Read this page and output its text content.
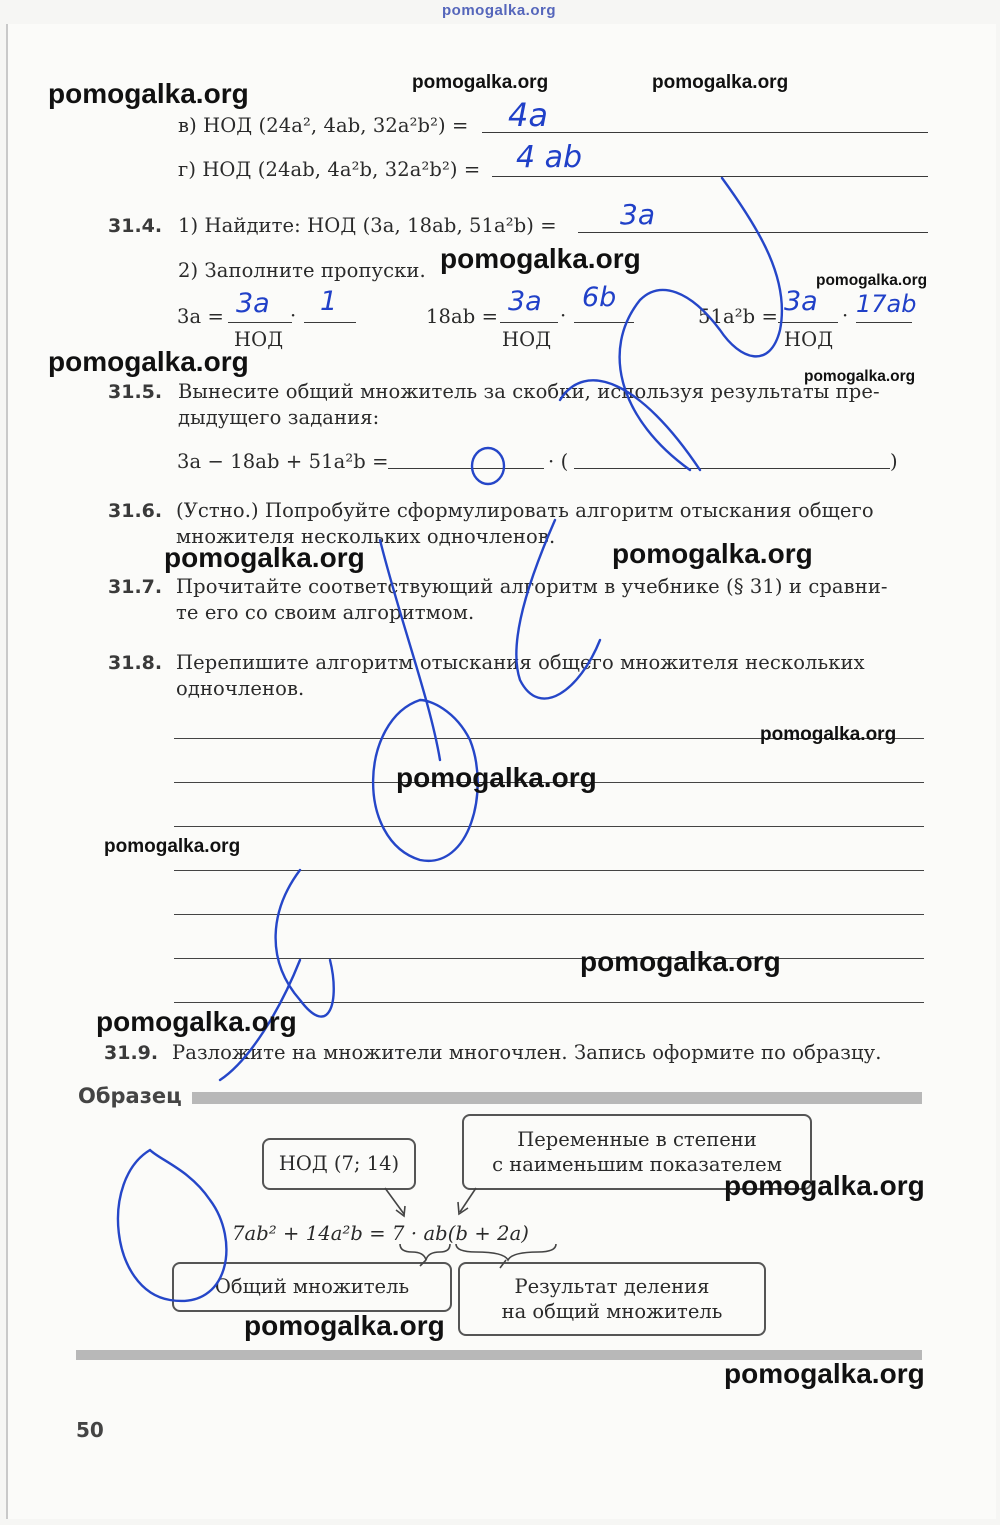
pomogalka.org
в) НОД (24a², 4ab, 32a²b²) = 4a
г) НОД (24ab, 4a²b, 32a²b²) = 4 ab
31.4. 1) Найдите: НОД (3a, 18ab, 51a²b) = 3a
2) Заполните пропуски.
3a = 3a · 1
НОД
18ab = 3a ·
6b
НОД
51a²b = 3a · 17ab
НОД
31.5. Вынесите общий множитель за скобки, используя результаты пре-
дыдущего задания:
3a − 18ab + 51a²b =	· (	)
31.6. (Устно.) Попробуйте сформулировать алгоритм отыскания общего
множителя нескольких одночленов.
31.7. Прочитайте соответствующий алгоритм в учебнике (§ 31) и сравни-
те его со своим алгоритмом.
31.8. Перепишите алгоритм отыскания общего множителя нескольких
одночленов.
31.9. Разложите на множители многочлен. Запись оформите по образцу.
Образец
НОД (7; 14)
Переменные в степени
с наименьшим показателем
7ab² + 14a²b = 7 · ab(b + 2a)
Общий множитель	Результат деления
на общий множитель
50
pomogalka.org	pomogalka.org	pomogalka.org
pomogalka.org
pomogalka.org
pomogalka.org	pomogalka.org
pomogalka.org	pomogalka.org
pomogalka.org
pomogalka.org
pomogalka.org
pomogalka.org
pomogalka.org
pomogalka.org
pomogalka.org
pomogalka.org
